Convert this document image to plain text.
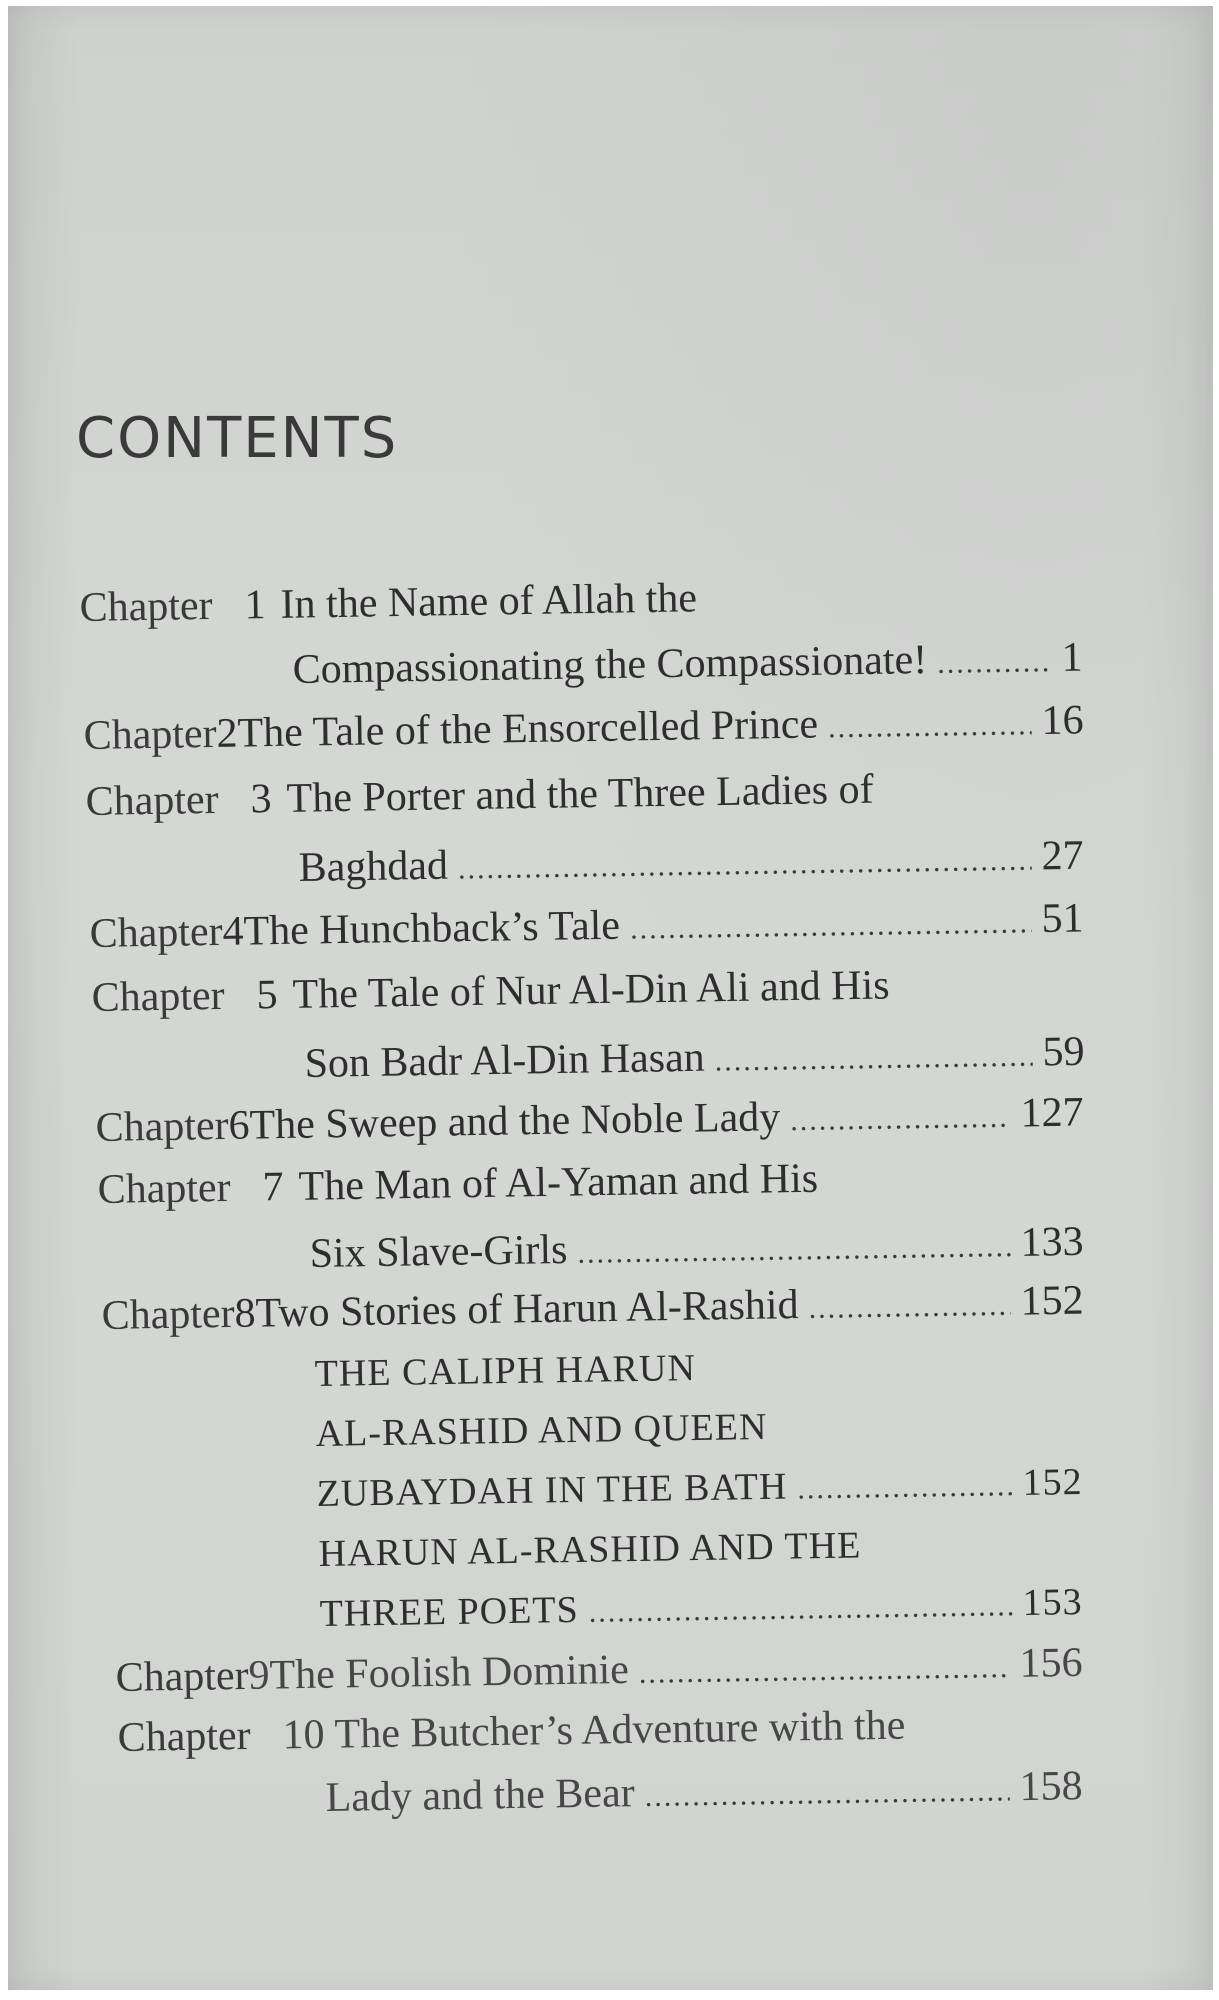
​
CONTENTS
Chapter 1 In the Name of Allah the
Compassionating the Compassionate! .....	1
Chapter 2 The Tale of the Ensorcelled Prince .....	16
Chapter 3 The Porter and the Three Ladies of
Baghdad .....	27
Chapter 4 The Hunchback’s Tale .....	51
Chapter 5 The Tale of Nur Al-Din Ali and His
Son Badr Al-Din Hasan .....	59
Chapter 6 The Sweep and the Noble Lady .....	127
Chapter 7 The Man of Al-Yaman and His
Six Slave-Girls .....	133
Chapter 8 Two Stories of Harun Al-Rashid .....	152
THE CALIPH HARUN
AL-RASHID AND QUEEN
ZUBAYDAH IN THE BATH .....	152
HARUN AL-RASHID AND THE
THREE POETS .....	153
Chapter 9 The Foolish Dominie .....	156
Chapter 10 The Butcher’s Adventure with the
Lady and the Bear .....	158
